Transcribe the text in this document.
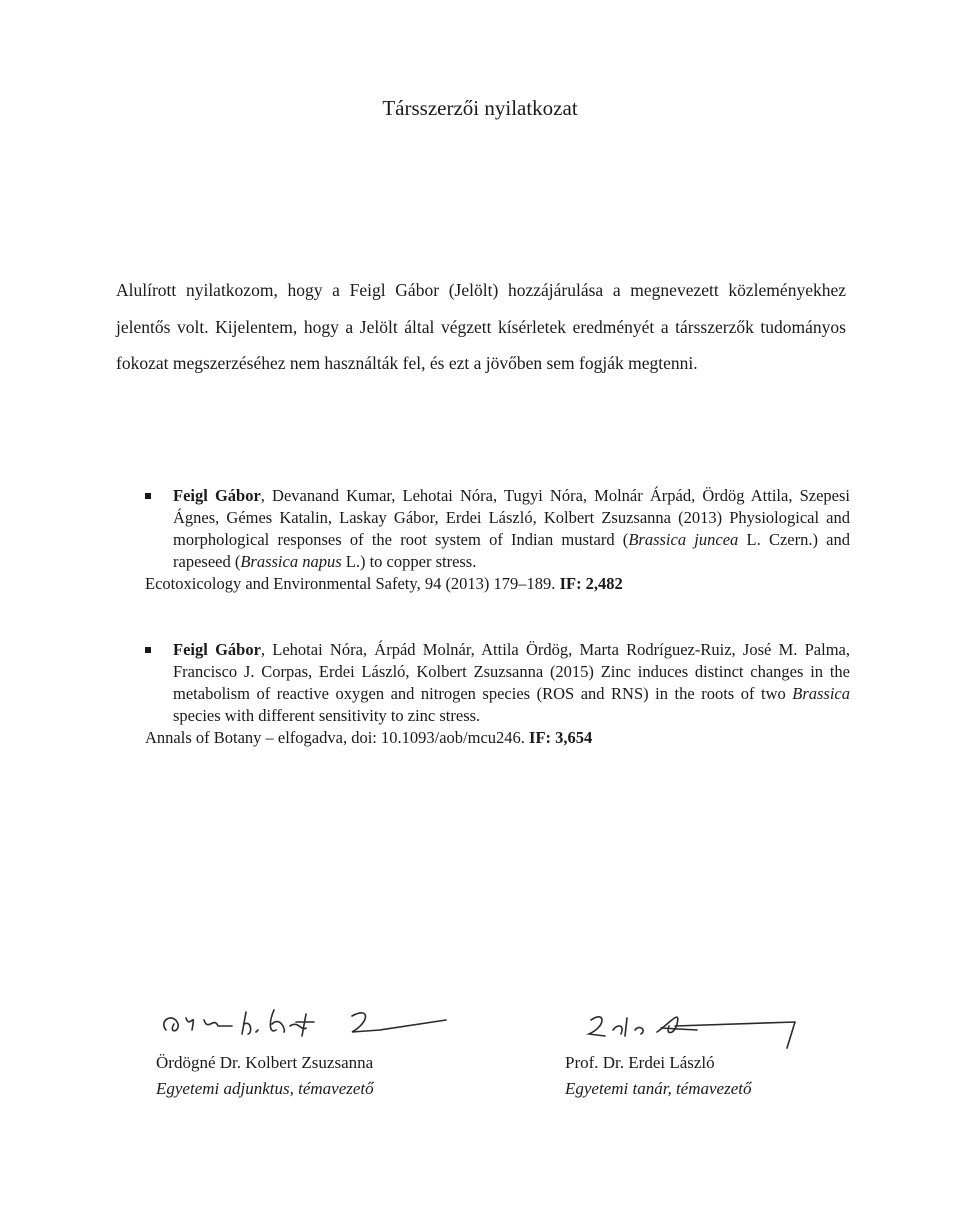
Társszerzői nyilatkozat
Alulírott nyilatkozom, hogy a Feigl Gábor (Jelölt) hozzájárulása a megnevezett közleményekhez jelentős volt. Kijelentem, hogy a Jelölt által végzett kísérletek eredményét a társszerzők tudományos fokozat megszerzéséhez nem használták fel, és ezt a jövőben sem fogják megtenni.
Feigl Gábor, Devanand Kumar, Lehotai Nóra, Tugyi Nóra, Molnár Árpád, Ördög Attila, Szepesi Ágnes, Gémes Katalin, Laskay Gábor, Erdei László, Kolbert Zsuzsanna (2013) Physiological and morphological responses of the root system of Indian mustard (Brassica juncea L. Czern.) and rapeseed (Brassica napus L.) to copper stress.
Ecotoxicology and Environmental Safety, 94 (2013) 179–189. IF: 2,482
Feigl Gábor, Lehotai Nóra, Árpád Molnár, Attila Ördög, Marta Rodríguez-Ruiz, José M. Palma, Francisco J. Corpas, Erdei László, Kolbert Zsuzsanna (2015) Zinc induces distinct changes in the metabolism of reactive oxygen and nitrogen species (ROS and RNS) in the roots of two Brassica species with different sensitivity to zinc stress.
Annals of Botany – elfogadva, doi: 10.1093/aob/mcu246. IF: 3,654
Ördögné Dr. Kolbert Zsuzsanna
Egyetemi adjunktus, témavezető
Prof. Dr. Erdei László
Egyetemi tanár, témavezető
